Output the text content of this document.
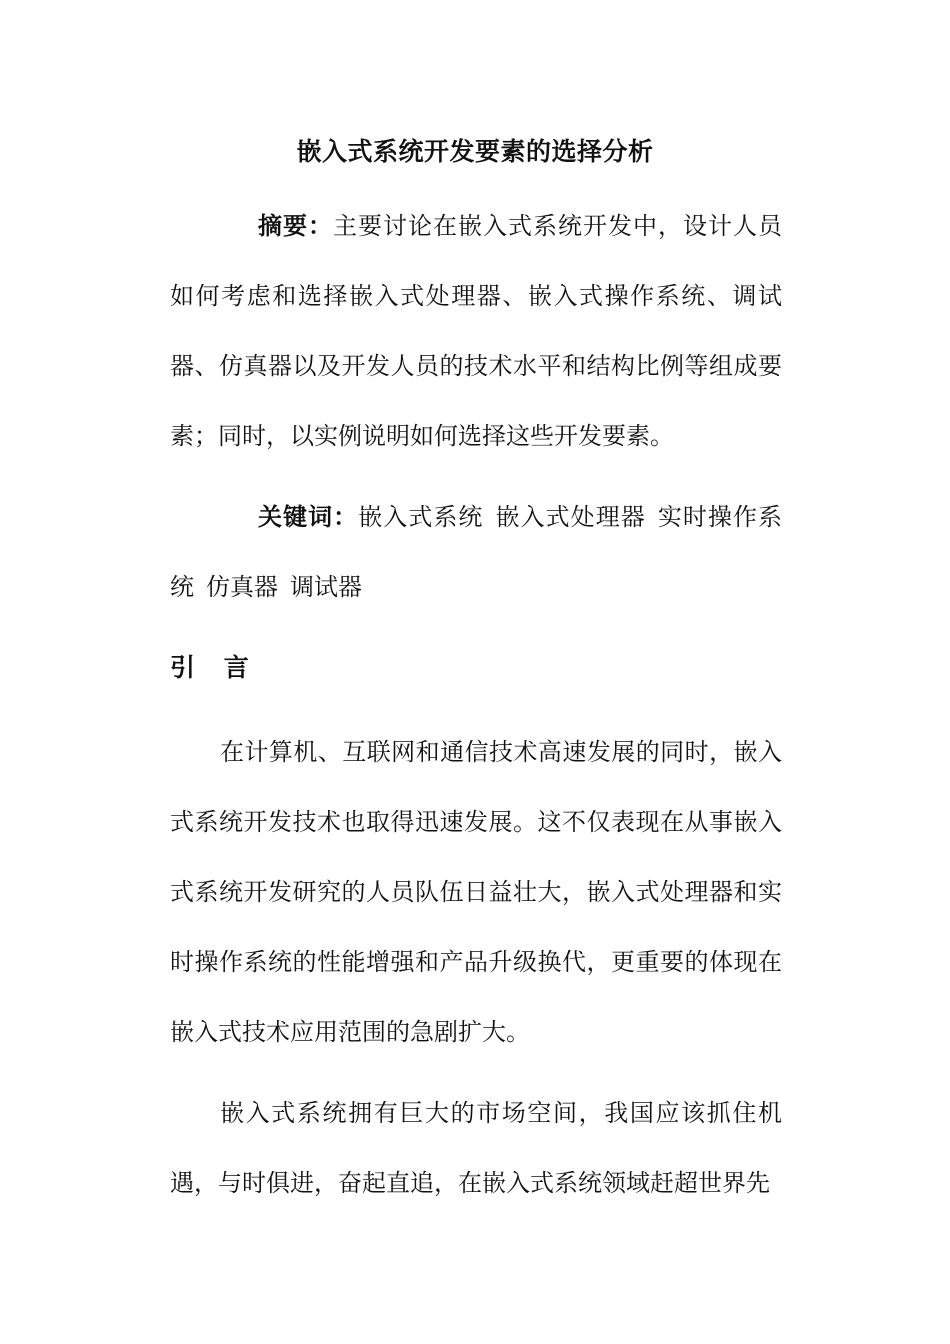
嵌入式系统开发要素的选择分析
摘要：主要讨论在嵌入式系统开发中，设计人员如何考虑和选择嵌入式处理器、嵌入式操作系统、调试器、仿真器以及开发人员的技术水平和结构比例等组成要素；同时，以实例说明如何选择这些开发要素。
关键词：嵌入式系统 嵌入式处理器 实时操作系统 仿真器 调试器
引 言
在计算机、互联网和通信技术高速发展的同时，嵌入式系统开发技术也取得迅速发展。这不仅表现在从事嵌入式系统开发研究的人员队伍日益壮大，嵌入式处理器和实时操作系统的性能增强和产品升级换代，更重要的体现在嵌入式技术应用范围的急剧扩大。
嵌入式系统拥有巨大的市场空间，我国应该抓住机遇，与时俱进，奋起直追，在嵌入式系统领域赶超世界先
